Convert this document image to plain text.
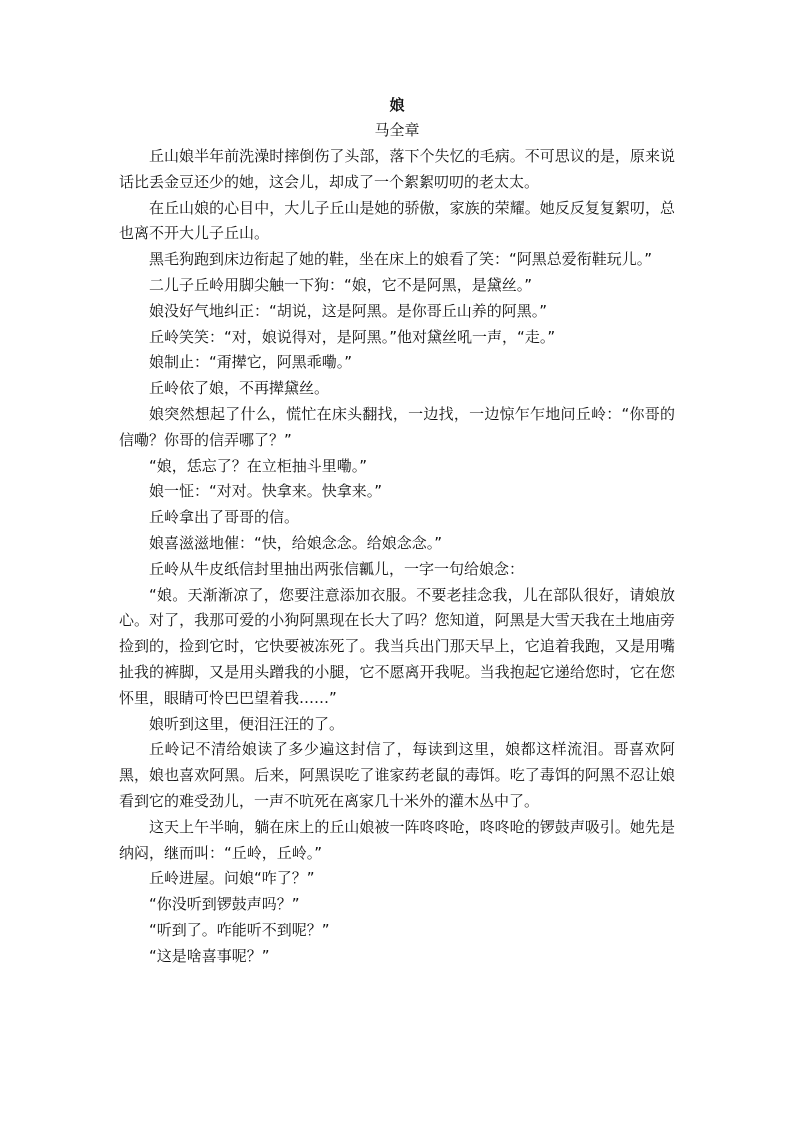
娘
马全章

丘山娘半年前洗澡时摔倒伤了头部，落下个失忆的毛病。不可思议的是，原来说话比丢金豆还少的她，这会儿，却成了一个絮絮叨叨的老太太。

在丘山娘的心目中，大儿子丘山是她的骄傲，家族的荣耀。她反反复复絮叨，总也离不开大儿子丘山。

黑毛狗跑到床边衔起了她的鞋，坐在床上的娘看了笑：“阿黑总爱衔鞋玩儿。”

二儿子丘岭用脚尖触一下狗：“娘，它不是阿黑，是黛丝。”

娘没好气地纠正：“胡说，这是阿黑。是你哥丘山养的阿黑。”

丘岭笑笑：“对，娘说得对，是阿黑。”他对黛丝吼一声，“走。”

娘制止：“甭撵它，阿黑乖嘞。”

丘岭依了娘，不再撵黛丝。

娘突然想起了什么，慌忙在床头翻找，一边找，一边惊乍乍地问丘岭：“你哥的信嘞？你哥的信弄哪了？”

“娘，恁忘了？在立柜抽斗里嘞。”

娘一怔：“对对。快拿来。快拿来。”

丘岭拿出了哥哥的信。

娘喜滋滋地催：“快，给娘念念。给娘念念。”

丘岭从牛皮纸信封里抽出两张信瓤儿，一字一句给娘念：

“娘。天渐渐凉了，您要注意添加衣服。不要老挂念我，儿在部队很好，请娘放心。对了，我那可爱的小狗阿黑现在长大了吗？您知道，阿黑是大雪天我在土地庙旁捡到的，捡到它时，它快要被冻死了。我当兵出门那天早上，它追着我跑，又是用嘴扯我的裤脚，又是用头蹭我的小腿，它不愿离开我呢。当我抱起它递给您时，它在您怀里，眼睛可怜巴巴望着我……”

娘听到这里，便泪汪汪的了。

丘岭记不清给娘读了多少遍这封信了，每读到这里，娘都这样流泪。哥喜欢阿黑，娘也喜欢阿黑。后来，阿黑误吃了谁家药老鼠的毒饵。吃了毒饵的阿黑不忍让娘看到它的难受劲儿，一声不吭死在离家几十米外的灌木丛中了。

这天上午半晌，躺在床上的丘山娘被一阵咚咚呛，咚咚呛的锣鼓声吸引。她先是纳闷，继而叫：“丘岭，丘岭。”

丘岭进屋。问娘“咋了？”

“你没听到锣鼓声吗？”

“听到了。咋能听不到呢？”

“这是啥喜事呢？”
